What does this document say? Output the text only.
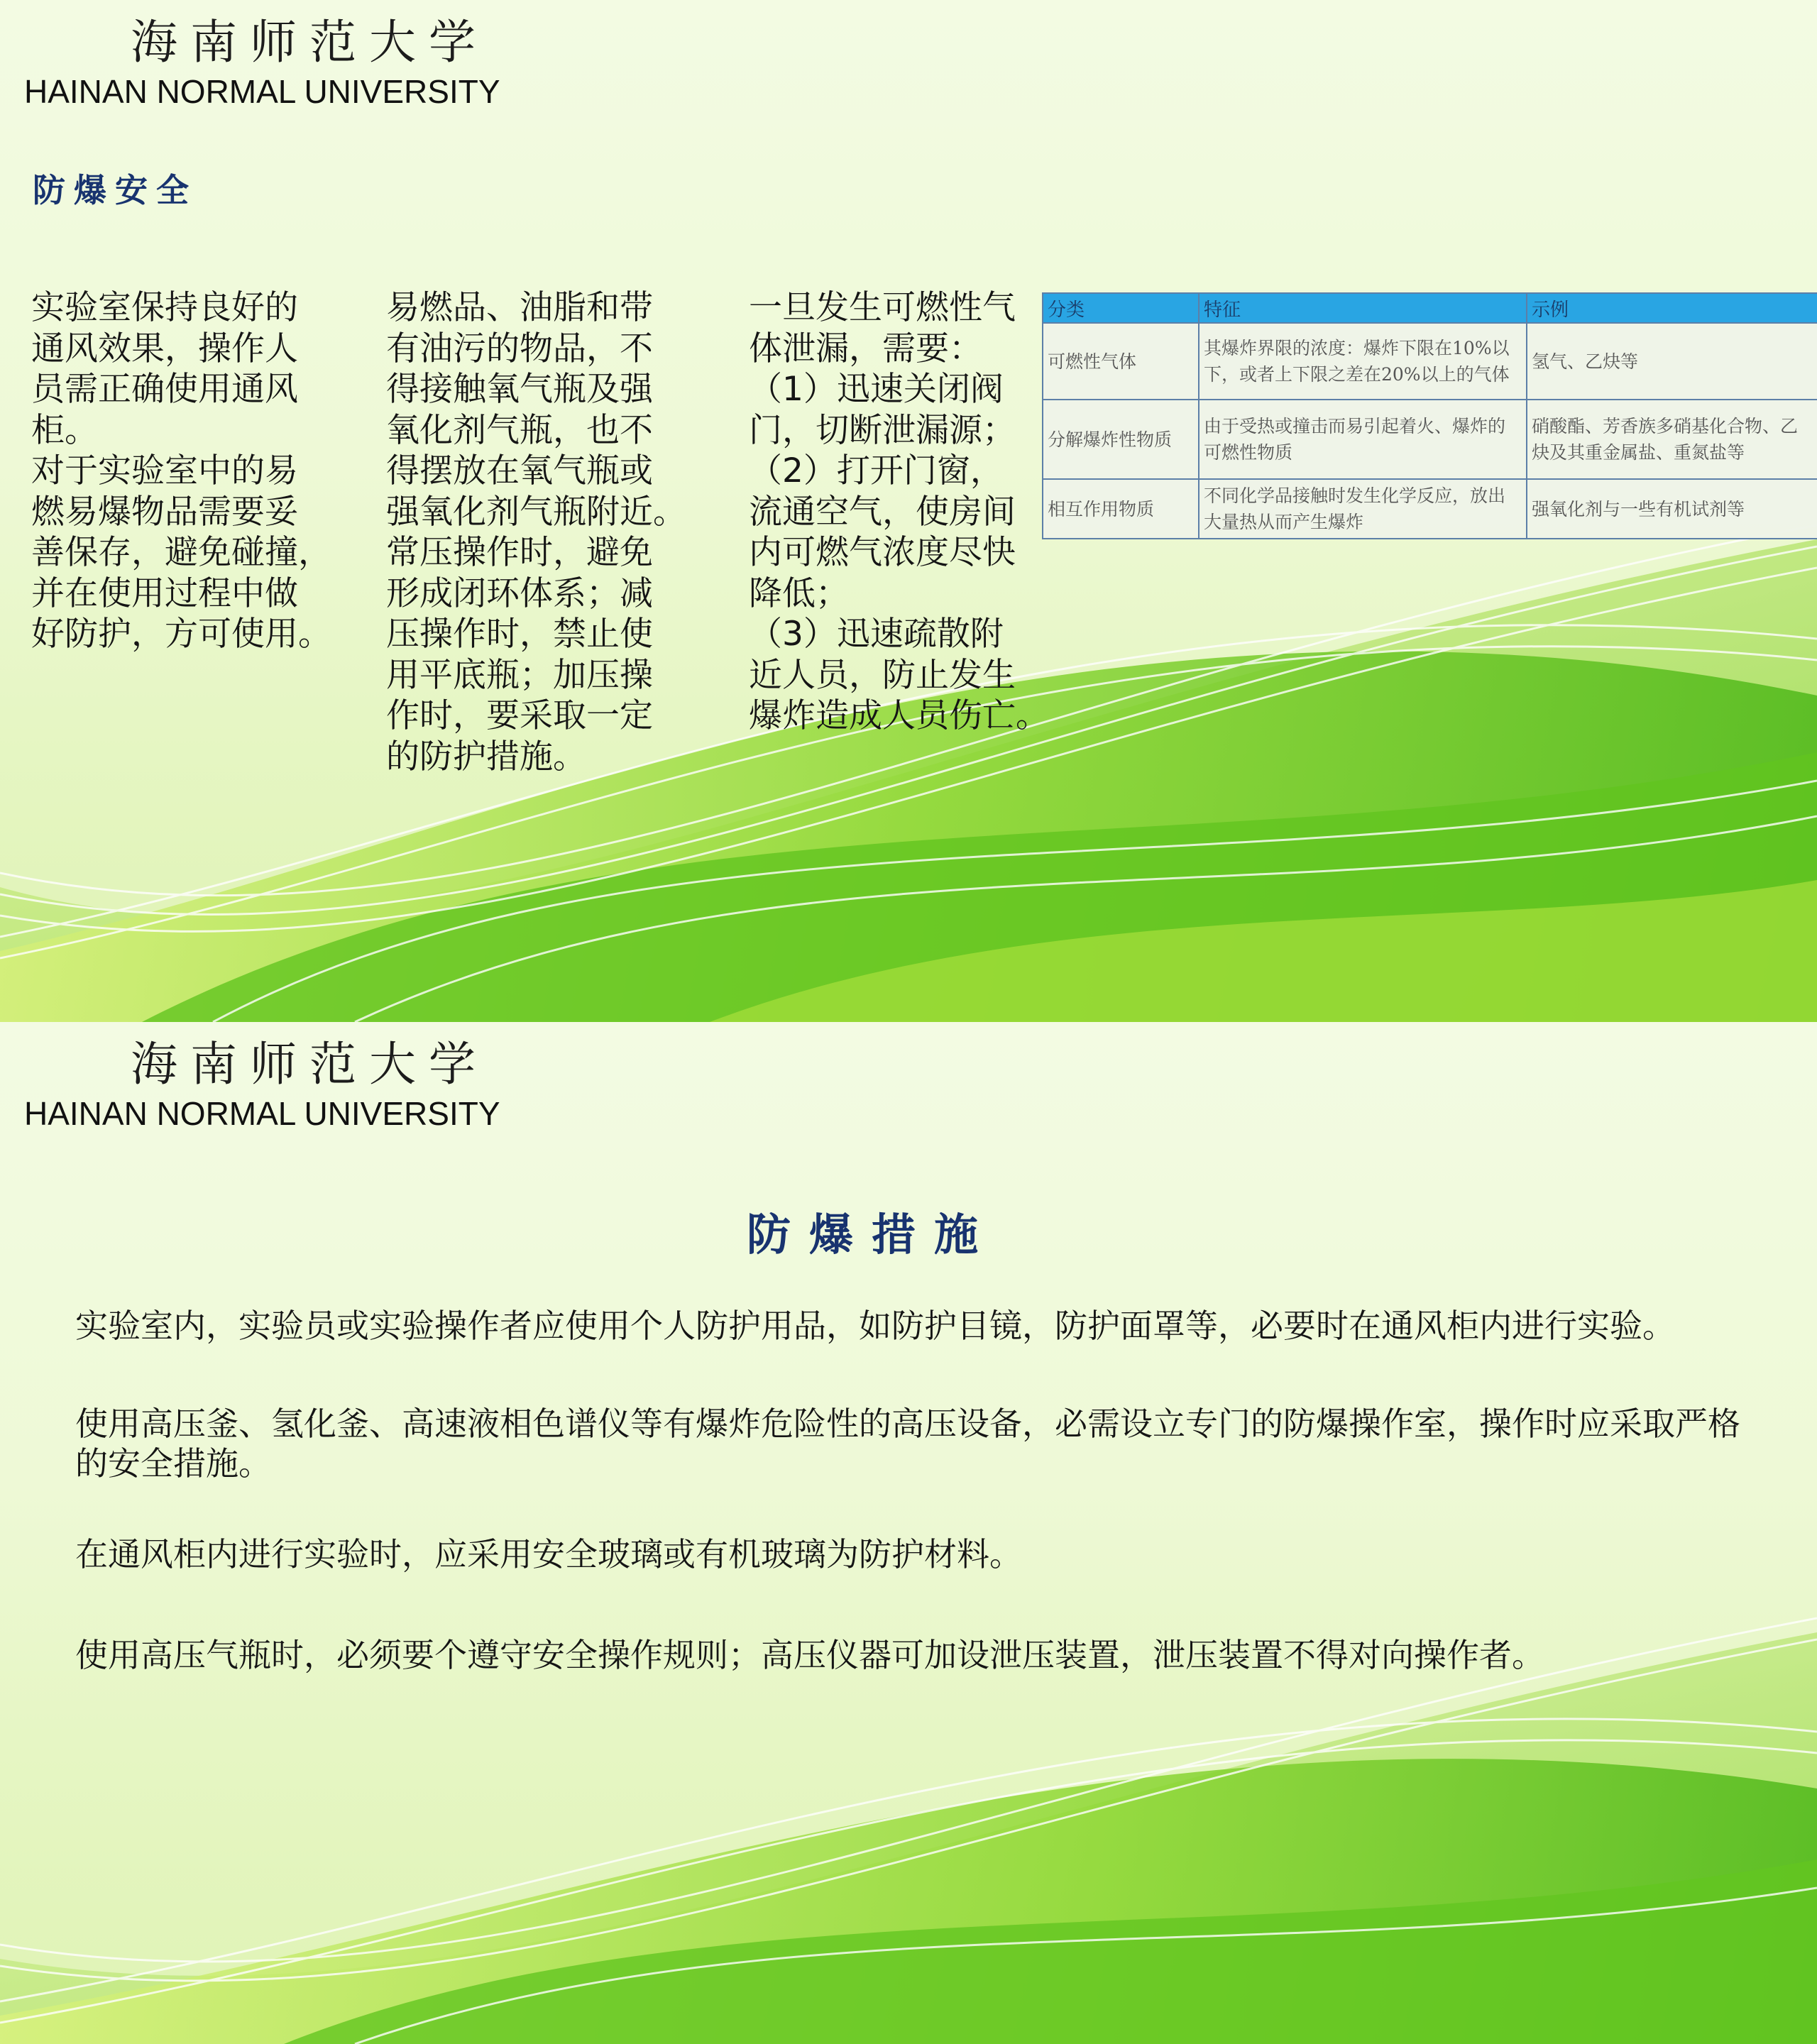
海南师范大学
HAINAN NORMAL UNIVERSITY
防爆安全
实验室保持良好的
通风效果，操作人
员需正确使用通风
柜。
对于实验室中的易
燃易爆物品需要妥
善保存，避免碰撞，
并在使用过程中做
好防护，方可使用。
易燃品、油脂和带
有油污的物品，不
得接触氧气瓶及强
氧化剂气瓶，也不
得摆放在氧气瓶或
强氧化剂气瓶附近。
常压操作时，避免
形成闭环体系；减
压操作时，禁止使
用平底瓶；加压操
作时，要采取一定
的防护措施。
一旦发生可燃性气
体泄漏，需要：
（1）迅速关闭阀
门，切断泄漏源；
（2）打开门窗，
流通空气，使房间
内可燃气浓度尽快
降低；
（3）迅速疏散附
近人员，防止发生
爆炸造成人员伤亡。
分类	特征	示例
可燃性气体	其爆炸界限的浓度：爆炸下限在10%以下，或者上下限之差在20%以上的气体	氢气、乙炔等
分解爆炸性物质	由于受热或撞击而易引起着火、爆炸的可燃性物质	硝酸酯、芳香族多硝基化合物、乙炔及其重金属盐、重氮盐等
相互作用物质	不同化学品接触时发生化学反应，放出大量热从而产生爆炸	强氧化剂与一些有机试剂等
海南师范大学
HAINAN NORMAL UNIVERSITY
防爆措施
实验室内，实验员或实验操作者应使用个人防护用品，如防护目镜，防护面罩等，必要时在通风柜内进行实验。
使用高压釜、氢化釜、高速液相色谱仪等有爆炸危险性的高压设备，必需设立专门的防爆操作室，操作时应采取严格的安全措施。
在通风柜内进行实验时，应采用安全玻璃或有机玻璃为防护材料。
使用高压气瓶时，必须要个遵守安全操作规则；高压仪器可加设泄压装置，泄压装置不得对向操作者。
